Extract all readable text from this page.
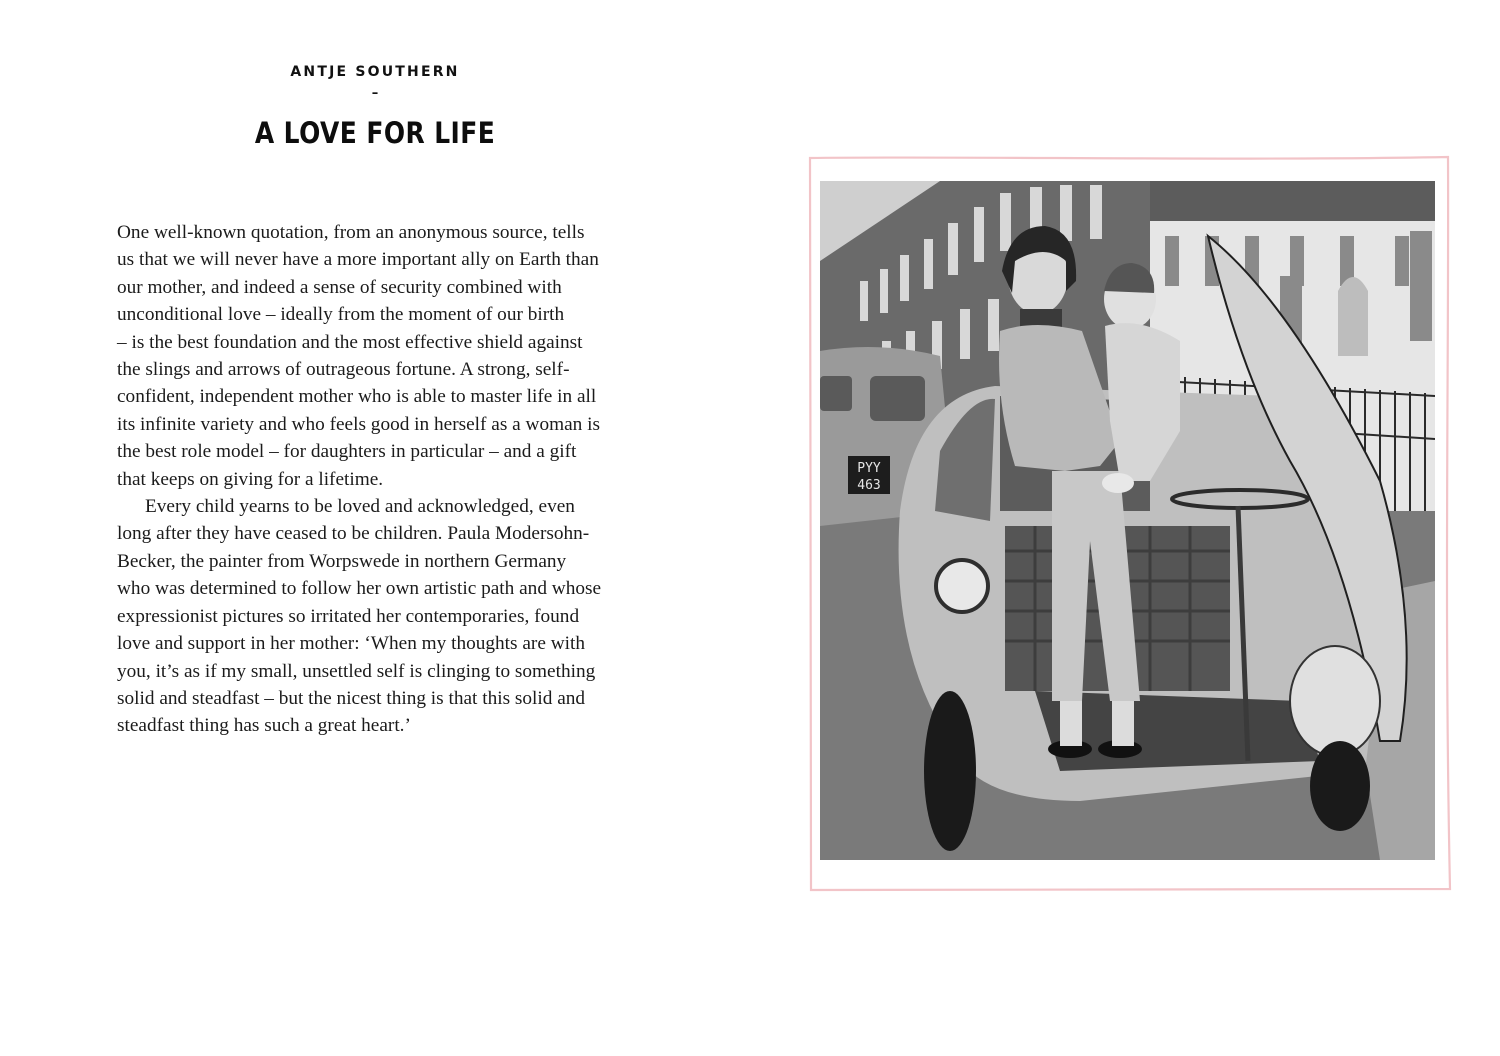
ANTJE SOUTHERN
–
A LOVE FOR LIFE
One well-known quotation, from an anonymous source, tells
us that we will never have a more important ally on Earth than
our mother, and indeed a sense of security combined with
unconditional love – ideally from the moment of our birth
– is the best foundation and the most effective shield against
the slings and arrows of outrageous fortune. A strong, self-
confident, independent mother who is able to master life in all
its infinite variety and who feels good in herself as a woman is
the best role model – for daughters in particular – and a gift
that keeps on giving for a lifetime.
Every child yearns to be loved and acknowledged, even
long after they have ceased to be children. Paula Modersohn-
Becker, the painter from Worpswede in northern Germany
who was determined to follow her own artistic path and whose
expressionist pictures so irritated her contemporaries, found
love and support in her mother: ‘When my thoughts are with
you, it’s as if my small, unsettled self is clinging to something
solid and steadfast – but the nicest thing is that this solid and
steadfast thing has such a great heart.’
PYY
463
